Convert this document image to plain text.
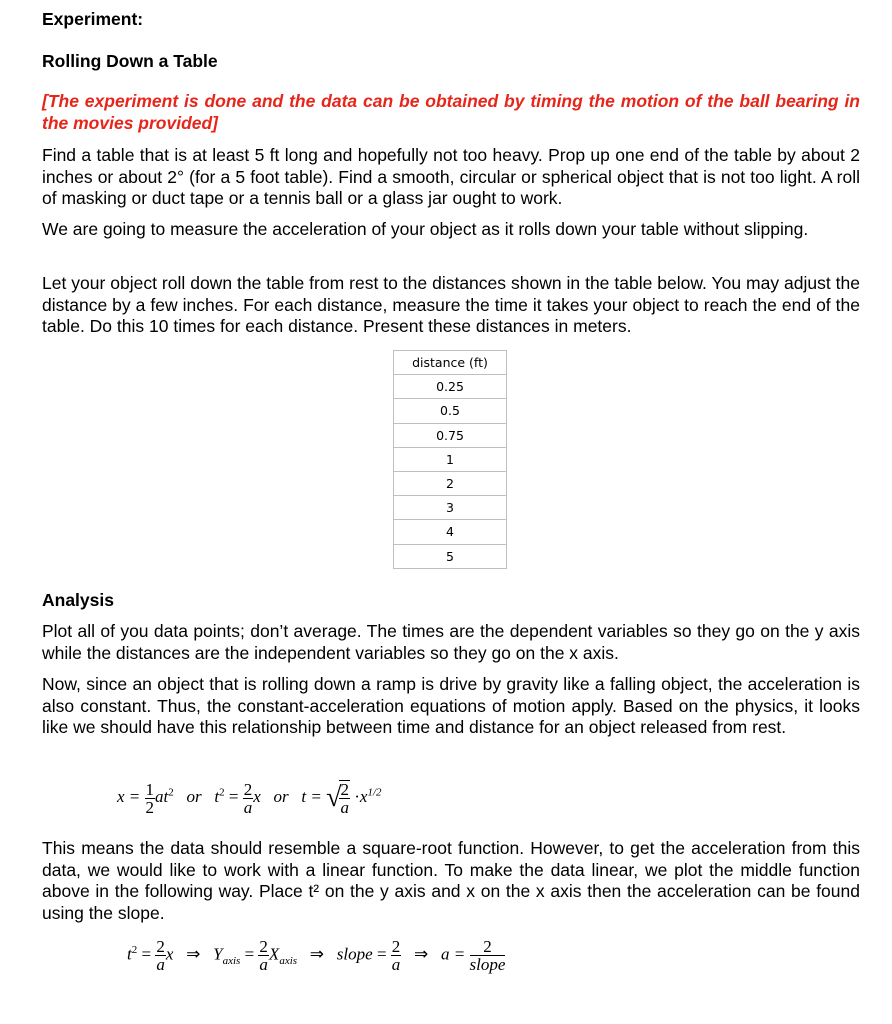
Experiment:
Rolling Down a Table
[The experiment is done and the data can be obtained by timing the motion of the ball bearing in the movies provided]
Find a table that is at least 5 ft long and hopefully not too heavy. Prop up one end of the table by about 2 inches or about 2° (for a 5 foot table). Find a smooth, circular or spherical object that is not too light. A roll of masking or duct tape or a tennis ball or a glass jar ought to work.
We are going to measure the acceleration of your object as it rolls down your table without slipping.
Let your object roll down the table from rest to the distances shown in the table below. You may adjust the distance by a few inches. For each distance, measure the time it takes your object to reach the end of the table. Do this 10 times for each distance. Present these distances in meters.
distance (ft)
0.25
0.5
0.75
1
2
3
4
5
Analysis
Plot all of you data points; don’t average. The times are the dependent variables so they go on the y axis while the distances are the independent variables so they go on the x axis.
Now, since an object that is rolling down a ramp is drive by gravity like a falling object, the acceleration is also constant. Thus, the constant-acceleration equations of motion apply. Based on the physics, it looks like we should have this relationship between time and distance for an object released from rest.
$x = \frac{1}{2} at^2$ or $t^2 = \frac{2}{a}$ x or t = √
$\frac{2}{a} \cdot x^{1/2}$
This means the data should resemble a square-root function. However, to get the acceleration from this data, we would like to work with a linear function. To make the data linear, we plot the middle function above in the following way. Place t² on the y axis and x on the x axis then the acceleration can be found using the slope.
$t^2 = \frac{2}{a}$ x ⇒ $Y_{axis} = \frac{2}{a} X_{axis}$ ⇒ slope = $\frac{2}{a}$ ⇒ $a = \frac{2}{\text{slope}}$
